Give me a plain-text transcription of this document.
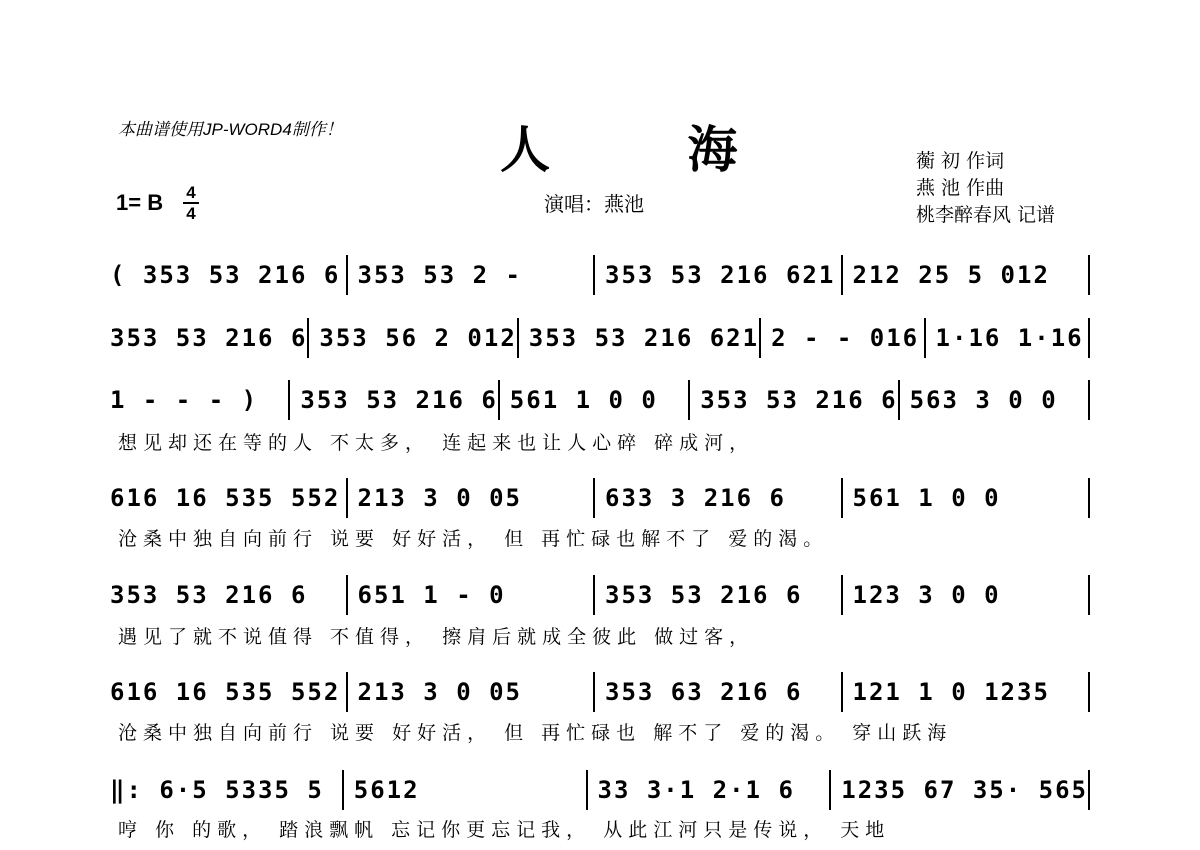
本曲谱使用JP-WORD4制作！	人 海
演唱：燕池
蘅 初 作词
燕 池 作曲
桃李醉春风 记谱
1= B 4
4
( 353 53 216 6 353 53 2 -	353 53 216 621 212 25 5 012
353 53 216 6 353 56 2 012 353 53 216 621 2 - - 016 1·16 1·16
1 - - - )	353 53 216 6 561 1 0 0	353 53 216 6 563 3 0 0
想见却还在等的人 不太多， 连起来也让人心碎 碎成河，
616 16 535 552 213 3 0 05	633 3 216 6	561 1 0 0
沧桑中独自向前行 说要 好好活， 但 再忙碌也解不了 爱的渴。
353 53 216 6	651 1 - 0	353 53 216 6	123 3 0 0
遇见了就不说值得 不值得， 擦肩后就成全彼此 做过客，
616 16 535 552 213 3 0 05	353 63 216 6	121 1 0 1235
沧桑中独自向前行 说要 好好活， 但 再忙碌也 解不了 爱的渴。 穿山跃海
‖: 6·5 5335 5	5612	33 3·1 2·1 6	1235 67 35· 565
哼 你 的歌， 踏浪飘帆 忘记你更忘记我， 从此江河只是传说， 天地
